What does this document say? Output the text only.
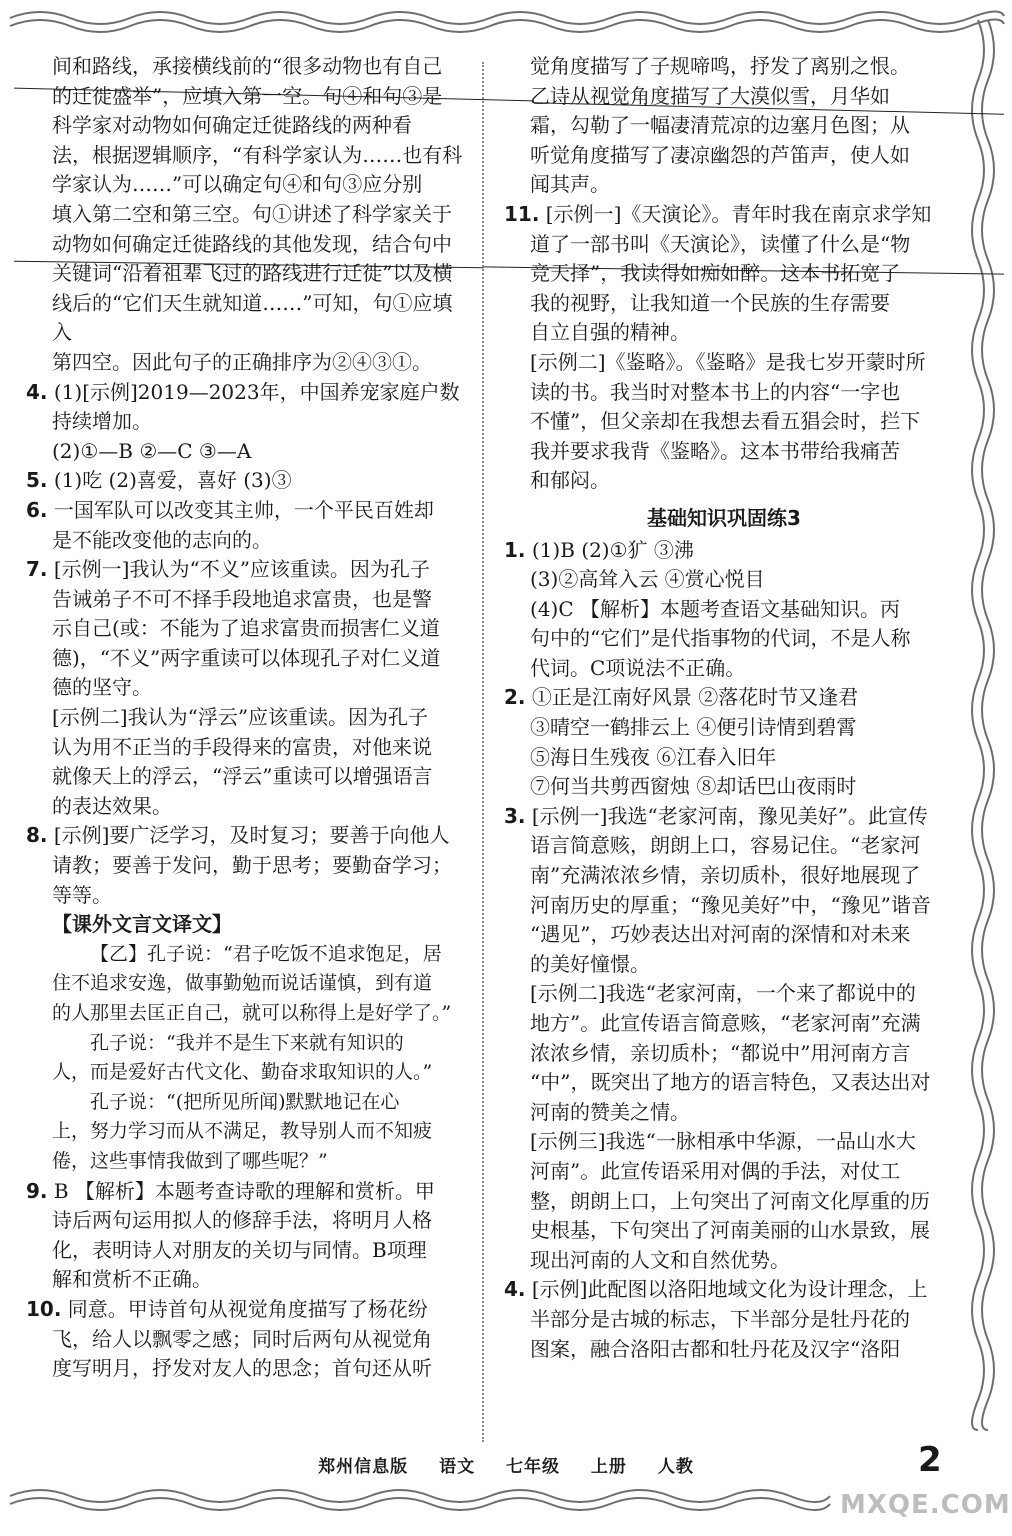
间和路线，承接横线前的“很多动物也有自己

的迁徙盛举”，应填入第一空。句④和句③是

科学家对动物如何确定迁徙路线的两种看

法，根据逻辑顺序，“有科学家认为……也有科

学家认为……”可以确定句④和句③应分别

填入第二空和第三空。句①讲述了科学家关于

动物如何确定迁徙路线的其他发现，结合句中

关键词“沿着祖辈飞过的路线进行迁徙”以及横

线后的“它们天生就知道……”可知，句①应填入

第四空。因此句子的正确排序为②④③①。

4. (1)[示例]2019—2023年，中国养宠家庭户数

持续增加。

(2)①—B ②—C ③—A

5. (1)吃 (2)喜爱，喜好 (3)③

6. 一国军队可以改变其主帅，一个平民百姓却

是不能改变他的志向的。

7. [示例一]我认为“不义”应该重读。因为孔子

告诫弟子不可不择手段地追求富贵，也是警

示自己(或：不能为了追求富贵而损害仁义道

德)，“不义”两字重读可以体现孔子对仁义道

德的坚守。

[示例二]我认为“浮云”应该重读。因为孔子

认为用不正当的手段得来的富贵，对他来说

就像天上的浮云，“浮云”重读可以增强语言

的表达效果。

8. [示例]要广泛学习，及时复习；要善于向他人

请教；要善于发问，勤于思考；要勤奋学习；

等等。

【课外文言文译文】

【乙】孔子说：“君子吃饭不追求饱足，居

住不追求安逸，做事勤勉而说话谨慎，到有道

的人那里去匡正自己，就可以称得上是好学了。”

孔子说：“我并不是生下来就有知识的

人，而是爱好古代文化、勤奋求取知识的人。”

孔子说：“(把所见所闻)默默地记在心

上，努力学习而从不满足，教导别人而不知疲

倦，这些事情我做到了哪些呢？”

9. B 【解析】本题考查诗歌的理解和赏析。甲

诗后两句运用拟人的修辞手法，将明月人格

化，表明诗人对朋友的关切与同情。B项理

解和赏析不正确。

10. 同意。甲诗首句从视觉角度描写了杨花纷

飞，给人以飘零之感；同时后两句从视觉角

度写明月，抒发对友人的思念；首句还从听

觉角度描写了子规啼鸣，抒发了离别之恨。

乙诗从视觉角度描写了大漠似雪，月华如

霜，勾勒了一幅凄清荒凉的边塞月色图；从

听觉角度描写了凄凉幽怨的芦笛声，使人如

闻其声。

11. [示例一]《天演论》。青年时我在南京求学知

道了一部书叫《天演论》，读懂了什么是“物

竞天择”，我读得如痴如醉。这本书拓宽了

我的视野，让我知道一个民族的生存需要

自立自强的精神。

[示例二]《鉴略》。《鉴略》是我七岁开蒙时所

读的书。我当时对整本书上的内容“一字也

不懂”，但父亲却在我想去看五猖会时，拦下

我并要求我背《鉴略》。这本书带给我痛苦

和郁闷。

基础知识巩固练3

1. (1)B (2)①犷 ③沸

(3)②高耸入云 ④赏心悦目

(4)C 【解析】本题考查语文基础知识。丙

句中的“它们”是代指事物的代词，不是人称

代词。C项说法不正确。

2. ①正是江南好风景 ②落花时节又逢君

③晴空一鹤排云上 ④便引诗情到碧霄

⑤海日生残夜 ⑥江春入旧年

⑦何当共剪西窗烛 ⑧却话巴山夜雨时

3. [示例一]我选“老家河南，豫见美好”。此宣传

语言简意赅，朗朗上口，容易记住。“老家河

南”充满浓浓乡情，亲切质朴，很好地展现了

河南历史的厚重；“豫见美好”中，“豫见”谐音

“遇见”，巧妙表达出对河南的深情和对未来

的美好憧憬。

[示例二]我选“老家河南，一个来了都说中的

地方”。此宣传语言简意赅，“老家河南”充满

浓浓乡情，亲切质朴；“都说中”用河南方言

“中”，既突出了地方的语言特色，又表达出对

河南的赞美之情。

[示例三]我选“一脉相承中华源，一品山水大

河南”。此宣传语采用对偶的手法，对仗工

整，朗朗上口，上句突出了河南文化厚重的历

史根基，下句突出了河南美丽的山水景致，展

现出河南的人文和自然优势。

4. [示例]此配图以洛阳地域文化为设计理念，上

半部分是古城的标志，下半部分是牡丹花的

图案，融合洛阳古都和牡丹花及汉字“洛阳

郑州信息版 语文 七年级 上册 人教	2
MXQE.COM
